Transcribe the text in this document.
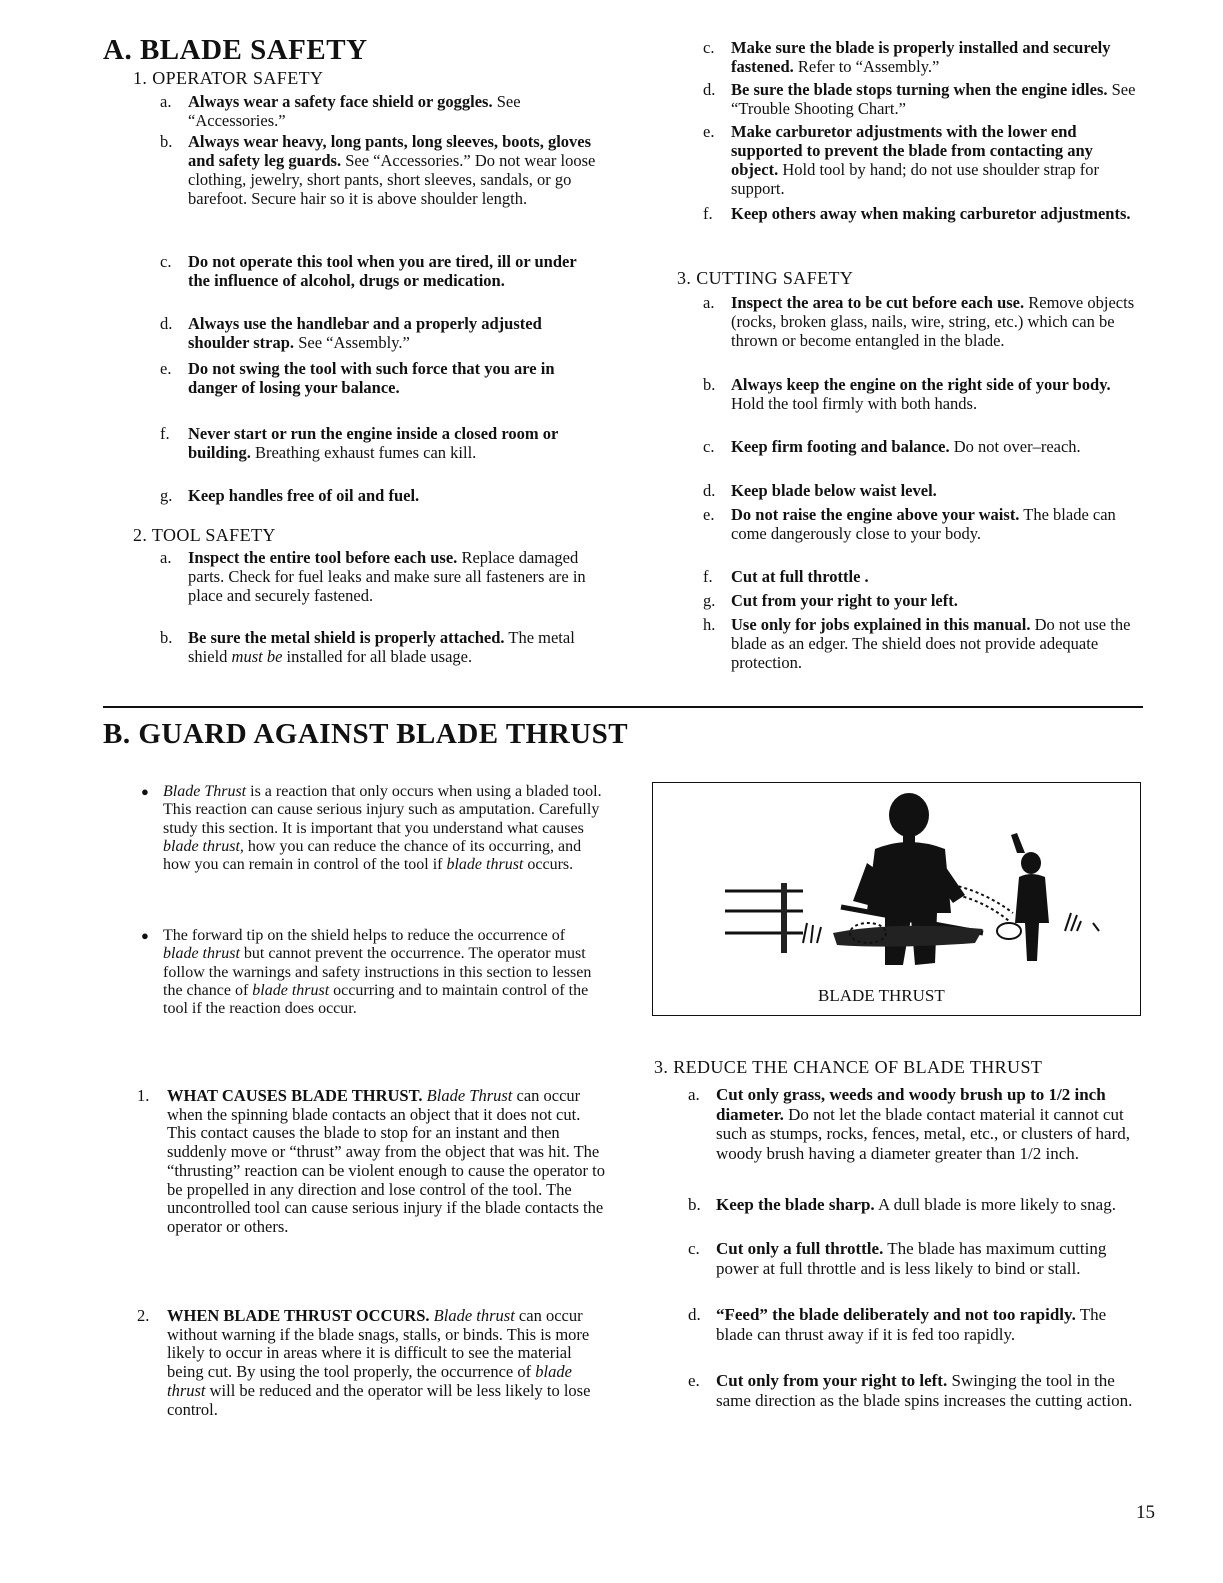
A. BLADE SAFETY
1. OPERATOR SAFETY
a. Always wear a safety face shield or goggles. See “Accessories.”
b. Always wear heavy, long pants, long sleeves, boots, gloves and safety leg guards. See “Accessories.” Do not wear loose clothing, jewelry, short pants, short sleeves, sandals, or go barefoot. Secure hair so it is above shoulder length.
c. Do not operate this tool when you are tired, ill or under the influence of alcohol, drugs or medication.
d. Always use the handlebar and a properly adjusted shoulder strap. See “Assembly.”
e. Do not swing the tool with such force that you are in danger of losing your balance.
f. Never start or run the engine inside a closed room or building. Breathing exhaust fumes can kill.
g. Keep handles free of oil and fuel.
2. TOOL SAFETY
a. Inspect the entire tool before each use. Replace damaged parts. Check for fuel leaks and make sure all fasteners are in place and securely fastened.
b. Be sure the metal shield is properly attached. The metal shield must be installed for all blade usage.
c. Make sure the blade is properly installed and securely fastened. Refer to “Assembly.”
d. Be sure the blade stops turning when the engine idles. See “Trouble Shooting Chart.”
e. Make carburetor adjustments with the lower end supported to prevent the blade from contacting any object. Hold tool by hand; do not use shoulder strap for support.
f. Keep others away when making carburetor adjustments.
3. CUTTING SAFETY
a. Inspect the area to be cut before each use. Remove objects (rocks, broken glass, nails, wire, string, etc.) which can be thrown or become entangled in the blade.
b. Always keep the engine on the right side of your body. Hold the tool firmly with both hands.
c. Keep firm footing and balance. Do not over–reach.
d. Keep blade below waist level.
e. Do not raise the engine above your waist. The blade can come dangerously close to your body.
f. Cut at full throttle .
g. Cut from your right to your left.
h. Use only for jobs explained in this manual. Do not use the blade as an edger. The shield does not provide adequate protection.
B. GUARD AGAINST BLADE THRUST
● Blade Thrust is a reaction that only occurs when using a bladed tool. This reaction can cause serious injury such as amputation. Carefully study this section. It is important that you understand what causes blade thrust, how you can reduce the chance of its occurring, and how you can remain in control of the tool if blade thrust occurs.
● The forward tip on the shield helps to reduce the occurrence of blade thrust but cannot prevent the occurrence. The operator must follow the warnings and safety instructions in this section to lessen the chance of blade thrust occurring and to maintain control of the tool if the reaction does occur.
1. WHAT CAUSES BLADE THRUST. Blade Thrust can occur when the spinning blade contacts an object that it does not cut. This contact causes the blade to stop for an instant and then suddenly move or “thrust” away from the object that was hit. The “thrusting” reaction can be violent enough to cause the operator to be propelled in any direction and lose control of the tool. The uncontrolled tool can cause serious injury if the blade contacts the operator or others.
2. WHEN BLADE THRUST OCCURS. Blade thrust can occur without warning if the blade snags, stalls, or binds. This is more likely to occur in areas where it is difficult to see the material being cut. By using the tool properly, the occurrence of blade thrust will be reduced and the operator will be less likely to lose control.
BLADE THRUST
3. REDUCE THE CHANCE OF BLADE THRUST
a. Cut only grass, weeds and woody brush up to 1/2 inch diameter. Do not let the blade contact material it cannot cut such as stumps, rocks, fences, metal, etc., or clusters of hard, woody brush having a diameter greater than 1/2 inch.
b. Keep the blade sharp. A dull blade is more likely to snag.
c. Cut only a full throttle. The blade has maximum cutting power at full throttle and is less likely to bind or stall.
d. “Feed” the blade deliberately and not too rapidly. The blade can thrust away if it is fed too rapidly.
e. Cut only from your right to left. Swinging the tool in the same direction as the blade spins increases the cutting action.
15
